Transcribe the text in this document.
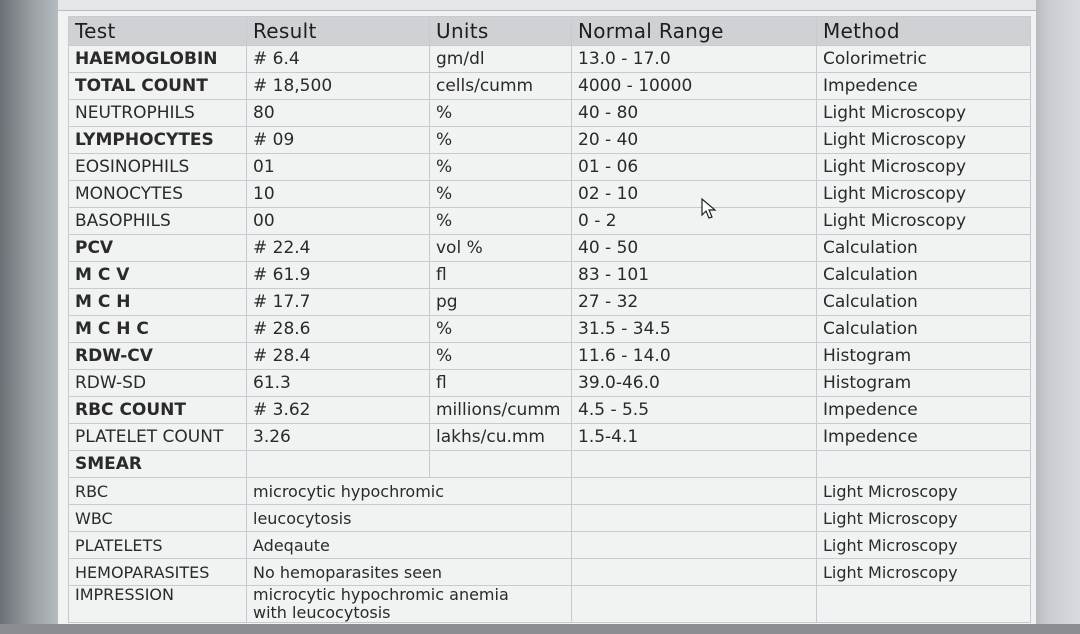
Test	Result	Units	Normal Range	Method
HAEMOGLOBIN	# 6.4	gm/dl	13.0 - 17.0	Colorimetric
TOTAL COUNT	# 18,500	cells/cumm	4000 - 10000	Impedence
NEUTROPHILS	80	%	40 - 80	Light Microscopy
LYMPHOCYTES	# 09	%	20 - 40	Light Microscopy
EOSINOPHILS	01	%	01 - 06	Light Microscopy
MONOCYTES	10	%	02 - 10	Light Microscopy
BASOPHILS	00	%	0 - 2	Light Microscopy
PCV	# 22.4	vol %	40 - 50	Calculation
M C V	# 61.9	fl	83 - 101	Calculation
M C H	# 17.7	pg	27 - 32	Calculation
M C H C	# 28.6	%	31.5 - 34.5	Calculation
RDW-CV	# 28.4	%	11.6 - 14.0	Histogram
RDW-SD	61.3	fl	39.0-46.0	Histogram
RBC COUNT	# 3.62	millions/cumm	4.5 - 5.5	Impedence
PLATELET COUNT	3.26	lakhs/cu.mm	1.5-4.1	Impedence
SMEAR				
RBC	microcytic hypochromic			Light Microscopy
WBC	leucocytosis			Light Microscopy
PLATELETS	Adeqaute			Light Microscopy
HEMOPARASITES	No hemoparasites seen			Light Microscopy
IMPRESSION	microcytic hypochromic anemia
with leucocytosis			
